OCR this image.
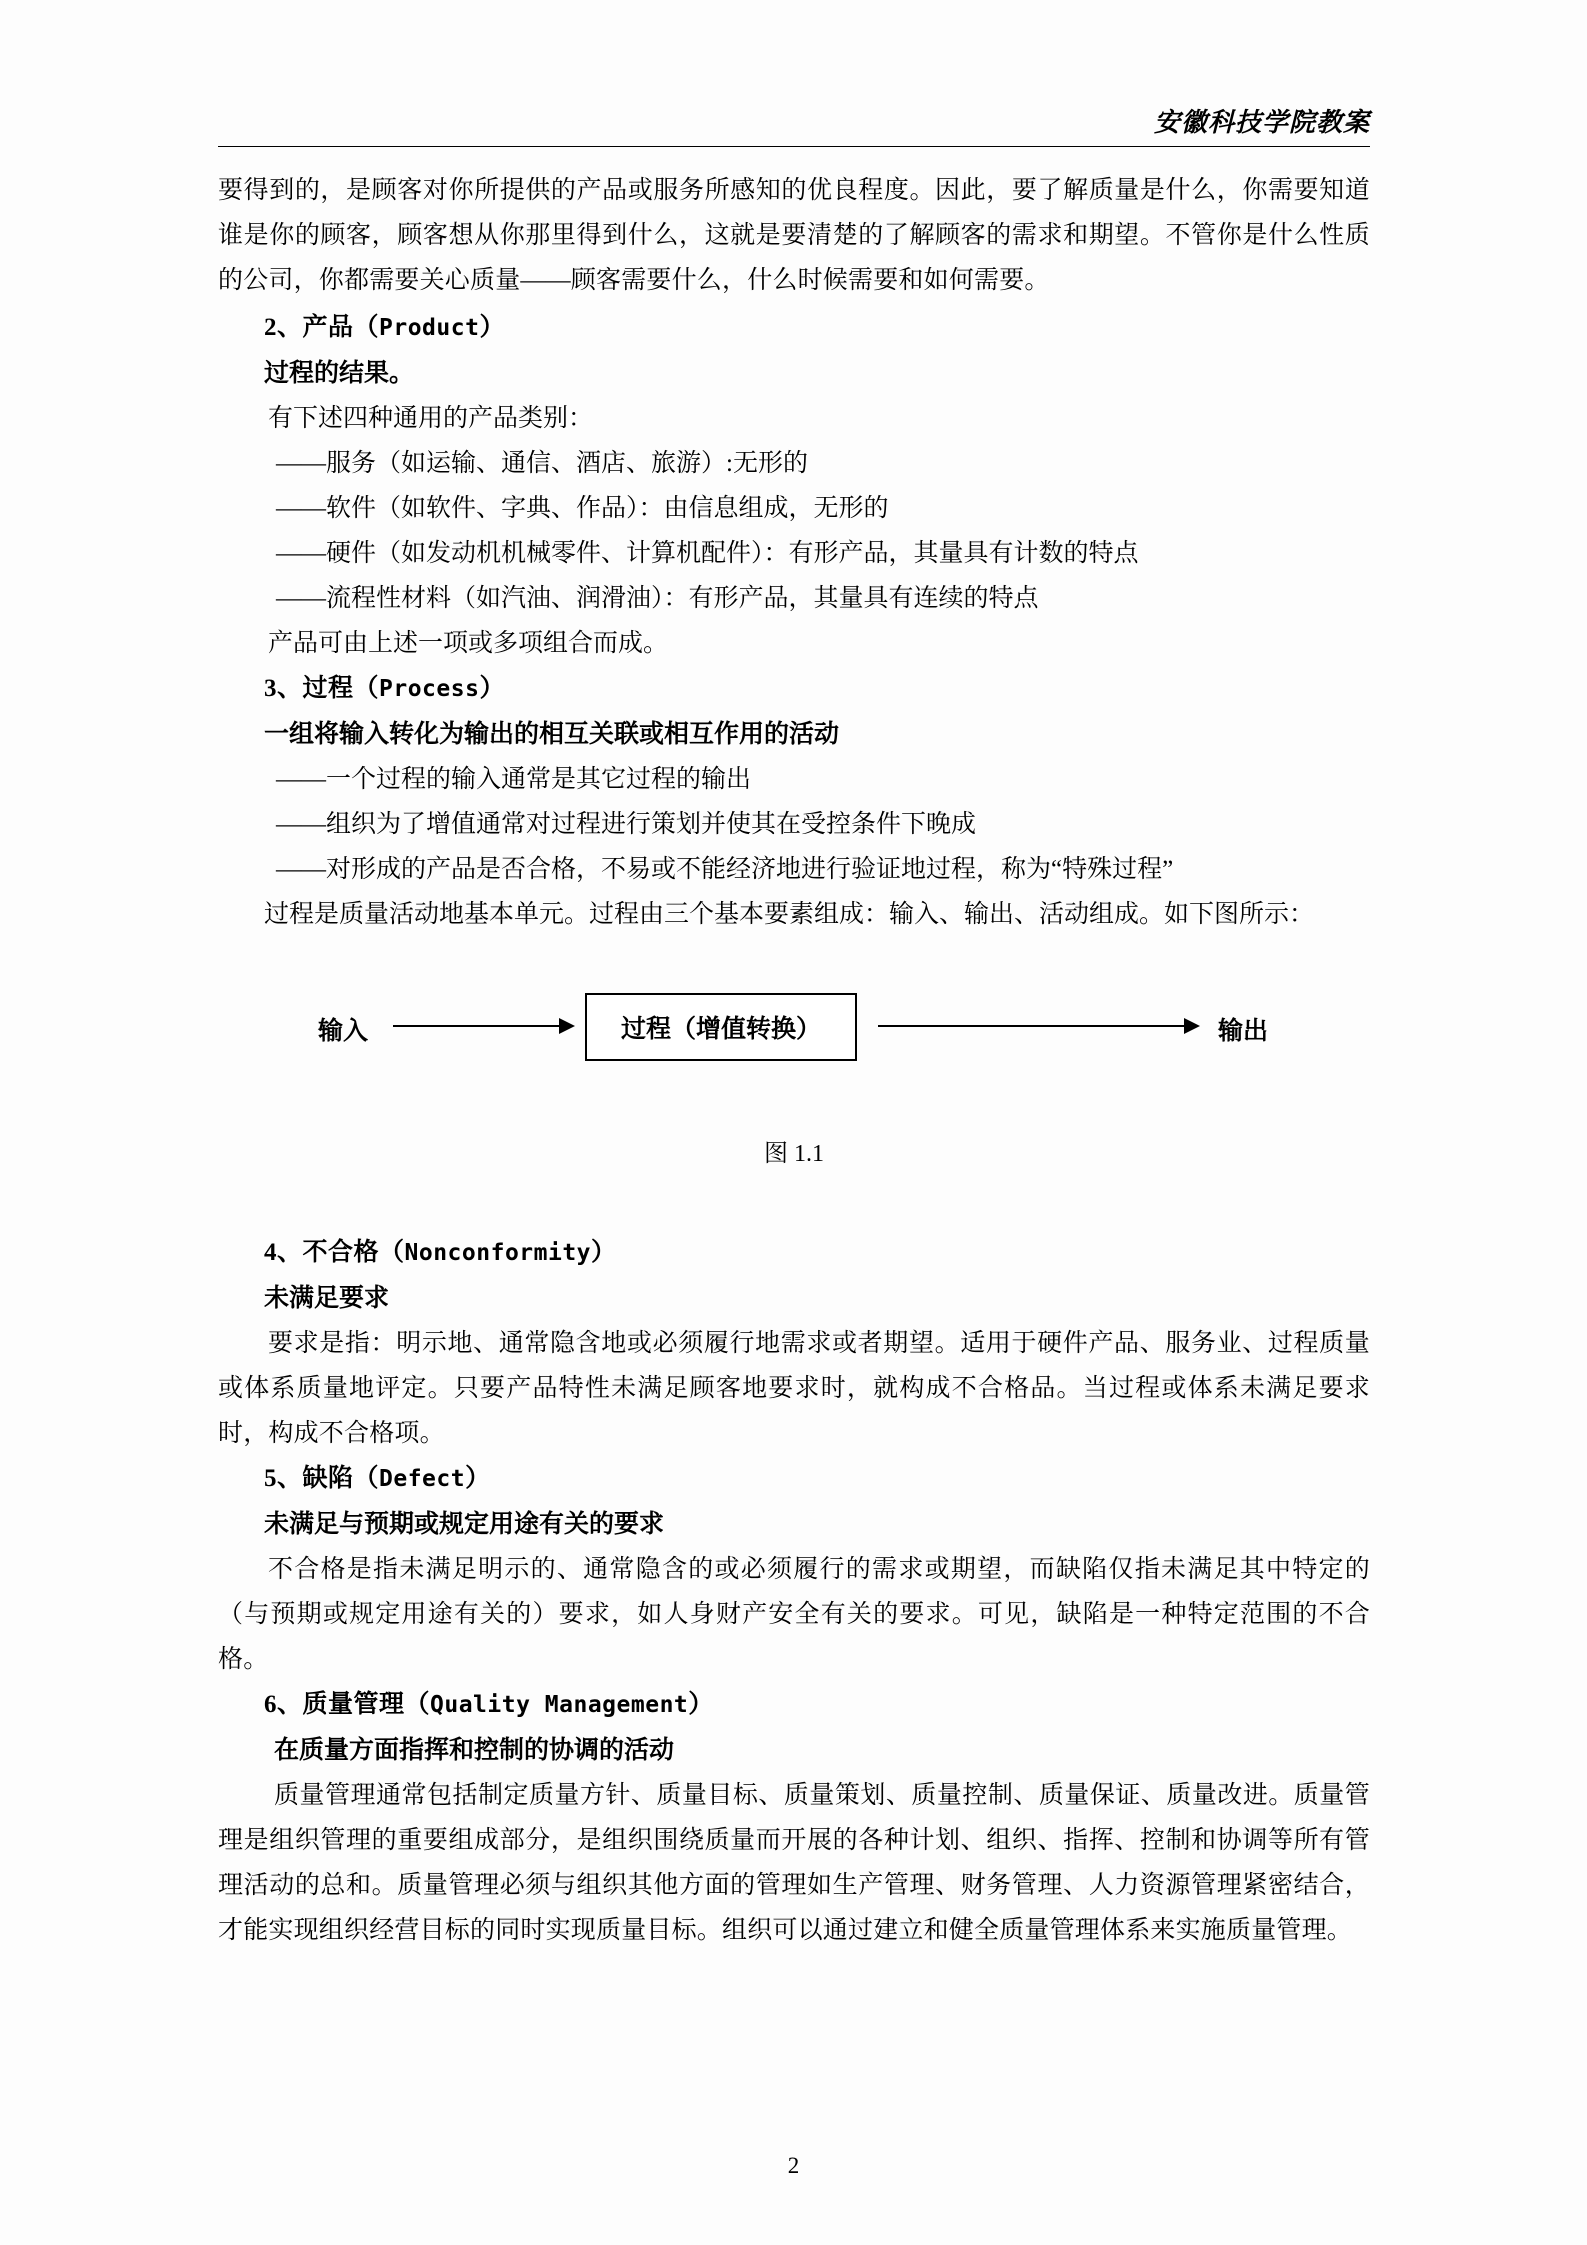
安徽科技学院教案

要得到的，是顾客对你所提供的产品或服务所感知的优良程度。因此，要了解质量是什么，你需要知道谁是你的顾客，顾客想从你那里得到什么，这就是要清楚的了解顾客的需求和期望。不管你是什么性质的公司，你都需要关心质量——顾客需要什么，什么时候需要和如何需要。

2、产品（Product）
过程的结果。
有下述四种通用的产品类别：
——服务（如运输、通信、酒店、旅游）:无形的
——软件（如软件、字典、作品）：由信息组成，无形的
——硬件（如发动机机械零件、计算机配件）：有形产品，其量具有计数的特点
——流程性材料（如汽油、润滑油）：有形产品，其量具有连续的特点
产品可由上述一项或多项组合而成。
3、过程（Process）
一组将输入转化为输出的相互关联或相互作用的活动
——一个过程的输入通常是其它过程的输出
——组织为了增值通常对过程进行策划并使其在受控条件下晚成
——对形成的产品是否合格，不易或不能经济地进行验证地过程，称为“特殊过程”
过程是质量活动地基本单元。过程由三个基本要素组成：输入、输出、活动组成。如下图所示：
输入	过程（增值转换）	输出
图 1.1
4、不合格（Nonconformity）
未满足要求

要求是指：明示地、通常隐含地或必须履行地需求或者期望。适用于硬件产品、服务业、过程质量或体系质量地评定。只要产品特性未满足顾客地要求时，就构成不合格品。当过程或体系未满足要求时，构成不合格项。

5、缺陷（Defect）
未满足与预期或规定用途有关的要求

不合格是指未满足明示的、通常隐含的或必须履行的需求或期望，而缺陷仅指未满足其中特定的（与预期或规定用途有关的）要求，如人身财产安全有关的要求。可见，缺陷是一种特定范围的不合格。

6、质量管理（Quality Management）
在质量方面指挥和控制的协调的活动

质量管理通常包括制定质量方针、质量目标、质量策划、质量控制、质量保证、质量改进。质量管理是组织管理的重要组成部分，是组织围绕质量而开展的各种计划、组织、指挥、控制和协调等所有管理活动的总和。质量管理必须与组织其他方面的管理如生产管理、财务管理、人力资源管理紧密结合，才能实现组织经营目标的同时实现质量目标。组织可以通过建立和健全质量管理体系来实施质量管理。

2
